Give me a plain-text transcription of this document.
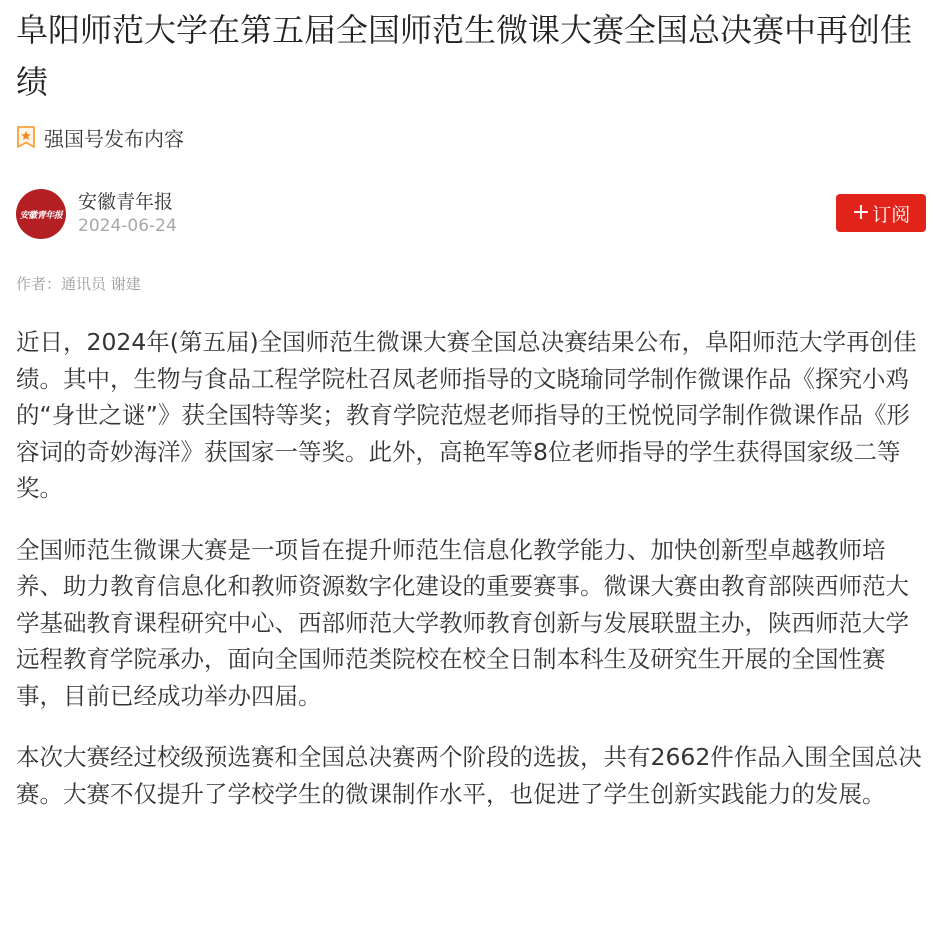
阜阳师范大学在第五届全国师范生微课大赛全国总决赛中再创佳绩
强国号发布内容
安徽青年报
安徽青年报
2024-06-24
+ 订阅
作者：通讯员 谢建

近日，2024年(第五届)全国师范生微课大赛全国总决赛结果公布，阜阳师范大学再创佳绩。其中，生物与食品工程学院杜召凤老师指导的文晓瑜同学制作微课作品《探究小鸡的“身世之谜”》获全国特等奖；教育学院范煜老师指导的王悦悦同学制作微课作品《形容词的奇妙海洋》获国家一等奖。此外，高艳军等8位老师指导的学生获得国家级二等奖。

全国师范生微课大赛是一项旨在提升师范生信息化教学能力、加快创新型卓越教师培养、助力教育信息化和教师资源数字化建设的重要赛事。微课大赛由教育部陕西师范大学基础教育课程研究中心、西部师范大学教师教育创新与发展联盟主办，陕西师范大学远程教育学院承办，面向全国师范类院校在校全日制本科生及研究生开展的全国性赛事，目前已经成功举办四届。

本次大赛经过校级预选赛和全国总决赛两个阶段的选拔，共有2662件作品入围全国总决赛。大赛不仅提升了学校学生的微课制作水平，也促进了学生创新实践能力的发展。
